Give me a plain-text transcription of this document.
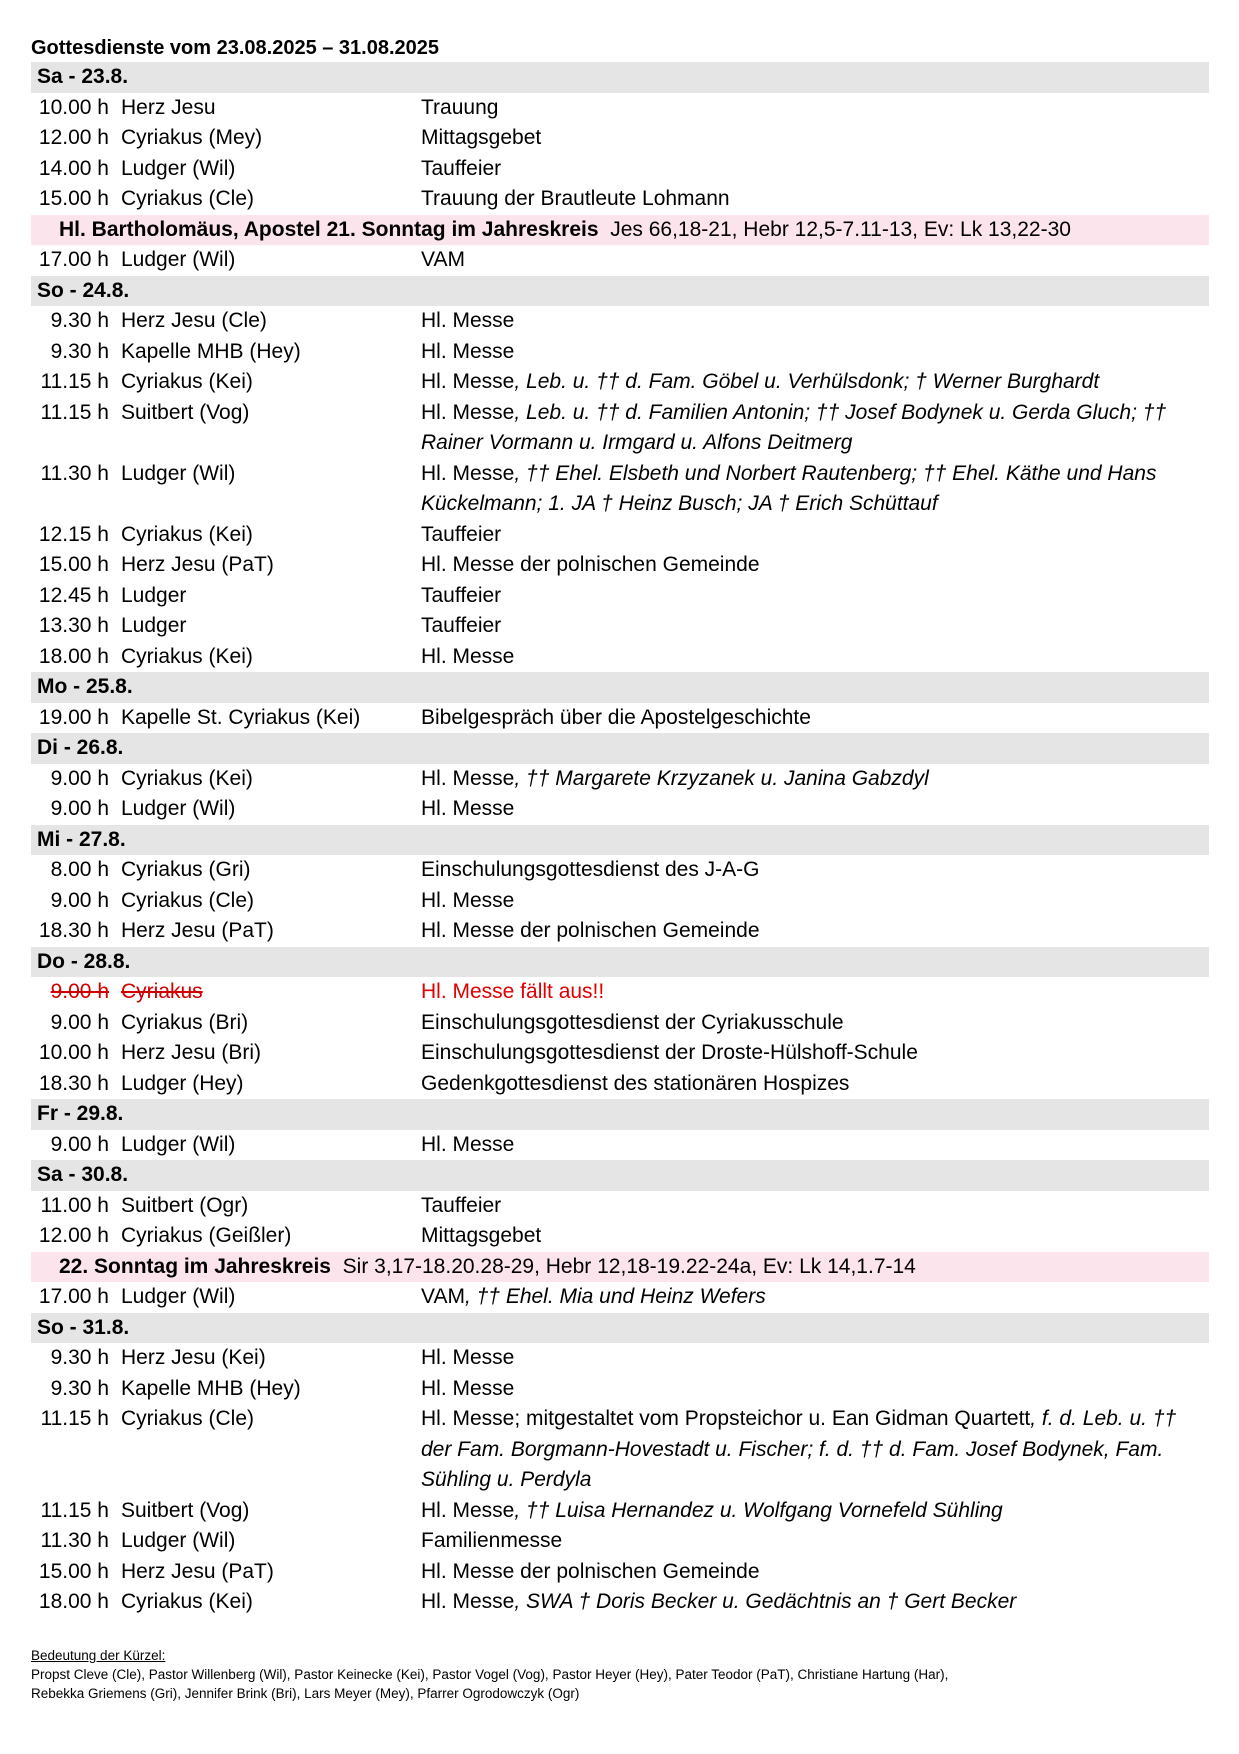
Gottesdienste vom 23.08.2025 – 31.08.2025
Sa - 23.8.
10.00 h Herz Jesu	Trauung
12.00 h Cyriakus (Mey)	Mittagsgebet
14.00 h Ludger (Wil)	Tauffeier
15.00 h Cyriakus (Cle)	Trauung der Brautleute Lohmann
Hl. Bartholomäus, Apostel 21. Sonntag im Jahreskreis Jes 66,18-21, Hebr 12,5-7.11-13, Ev: Lk 13,22-30
17.00 h Ludger (Wil)	VAM
So - 24.8.
9.30 h Herz Jesu (Cle)	Hl. Messe
9.30 h Kapelle MHB (Hey)	Hl. Messe
11.15 h Cyriakus (Kei)	Hl. Messe, Leb. u. †† d. Fam. Göbel u. Verhülsdonk; † Werner Burghardt
11.15 h Suitbert (Vog)	Hl. Messe, Leb. u. †† d. Familien Antonin; †† Josef Bodynek u. Gerda Gluch; †† Rainer Vormann u. Irmgard u. Alfons Deitmerg
11.30 h Ludger (Wil)	Hl. Messe, †† Ehel. Elsbeth und Norbert Rautenberg; †† Ehel. Käthe und Hans Kückelmann; 1. JA † Heinz Busch; JA † Erich Schüttauf
12.15 h Cyriakus (Kei)	Tauffeier
15.00 h Herz Jesu (PaT)	Hl. Messe der polnischen Gemeinde
12.45 h Ludger	Tauffeier
13.30 h Ludger	Tauffeier
18.00 h Cyriakus (Kei)	Hl. Messe
Mo - 25.8.
19.00 h Kapelle St. Cyriakus (Kei)	Bibelgespräch über die Apostelgeschichte
Di - 26.8.
9.00 h Cyriakus (Kei)	Hl. Messe, †† Margarete Krzyzanek u. Janina Gabzdyl
9.00 h Ludger (Wil)	Hl. Messe
Mi - 27.8.
8.00 h Cyriakus (Gri)	Einschulungsgottesdienst des J-A-G
9.00 h Cyriakus (Cle)	Hl. Messe
18.30 h Herz Jesu (PaT)	Hl. Messe der polnischen Gemeinde
Do - 28.8.
9.00 h Cyriakus	Hl. Messe fällt aus!!
9.00 h Cyriakus (Bri)	Einschulungsgottesdienst der Cyriakusschule
10.00 h Herz Jesu (Bri)	Einschulungsgottesdienst der Droste-Hülshoff-Schule
18.30 h Ludger (Hey)	Gedenkgottesdienst des stationären Hospizes
Fr - 29.8.
9.00 h Ludger (Wil)	Hl. Messe
Sa - 30.8.
11.00 h Suitbert (Ogr)	Tauffeier
12.00 h Cyriakus (Geißler)	Mittagsgebet
22. Sonntag im Jahreskreis Sir 3,17-18.20.28-29, Hebr 12,18-19.22-24a, Ev: Lk 14,1.7-14
17.00 h Ludger (Wil)	VAM, †† Ehel. Mia und Heinz Wefers
So - 31.8.
9.30 h Herz Jesu (Kei)	Hl. Messe
9.30 h Kapelle MHB (Hey)	Hl. Messe
11.15 h Cyriakus (Cle)	Hl. Messe; mitgestaltet vom Propsteichor u. Ean Gidman Quartett, f. d. Leb. u. †† der Fam. Borgmann-Hovestadt u. Fischer; f. d. †† d. Fam. Josef Bodynek, Fam. Sühling u. Perdyla
11.15 h Suitbert (Vog)	Hl. Messe, †† Luisa Hernandez u. Wolfgang Vornefeld Sühling
11.30 h Ludger (Wil)	Familienmesse
15.00 h Herz Jesu (PaT)	Hl. Messe der polnischen Gemeinde
18.00 h Cyriakus (Kei)	Hl. Messe, SWA † Doris Becker u. Gedächtnis an † Gert Becker
Bedeutung der Kürzel:
Propst Cleve (Cle), Pastor Willenberg (Wil), Pastor Keinecke (Kei), Pastor Vogel (Vog), Pastor Heyer (Hey), Pater Teodor (PaT), Christiane Hartung (Har),
Rebekka Griemens (Gri), Jennifer Brink (Bri), Lars Meyer (Mey), Pfarrer Ogrodowczyk (Ogr)
